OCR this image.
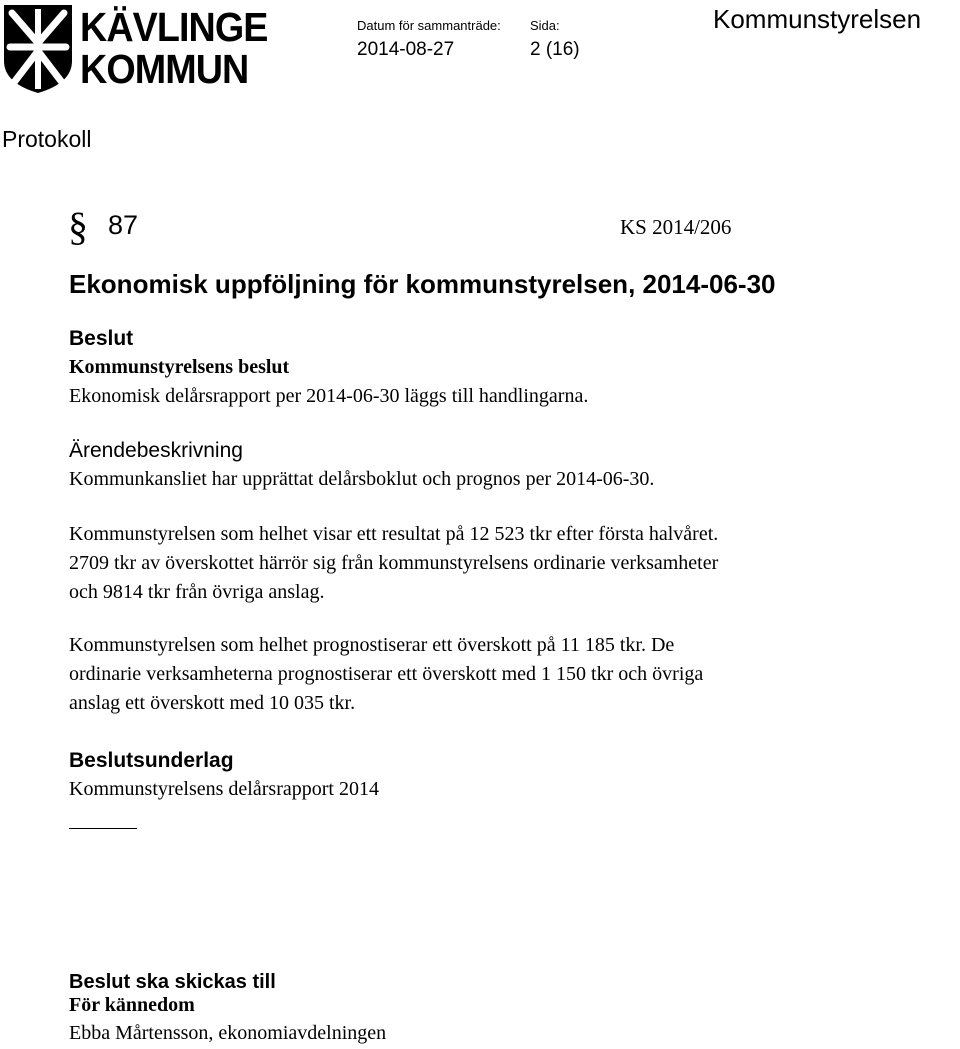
KÄVLINGE
KOMMUN
Datum för sammanträde: Sida:
2014-08-27	2 (16)
Kommunstyrelsen
Protokoll
§ 87	KS 2014/206
Ekonomisk uppföljning för kommunstyrelsen, 2014-06-30
Beslut
Kommunstyrelsens beslut
Ekonomisk delårsrapport per 2014-06-30 läggs till handlingarna.
Ärendebeskrivning
Kommunkansliet har upprättat delårsboklut och prognos per 2014-06-30.
Kommunstyrelsen som helhet visar ett resultat på 12 523 tkr efter första halvåret.
2709 tkr av överskottet härrör sig från kommunstyrelsens ordinarie verksamheter
och 9814 tkr från övriga anslag.
Kommunstyrelsen som helhet prognostiserar ett överskott på 11 185 tkr. De
ordinarie verksamheterna prognostiserar ett överskott med 1 150 tkr och övriga
anslag ett överskott med 10 035 tkr.
Beslutsunderlag
Kommunstyrelsens delårsrapport 2014
Beslut ska skickas till
För kännedom
Ebba Mårtensson, ekonomiavdelningen
